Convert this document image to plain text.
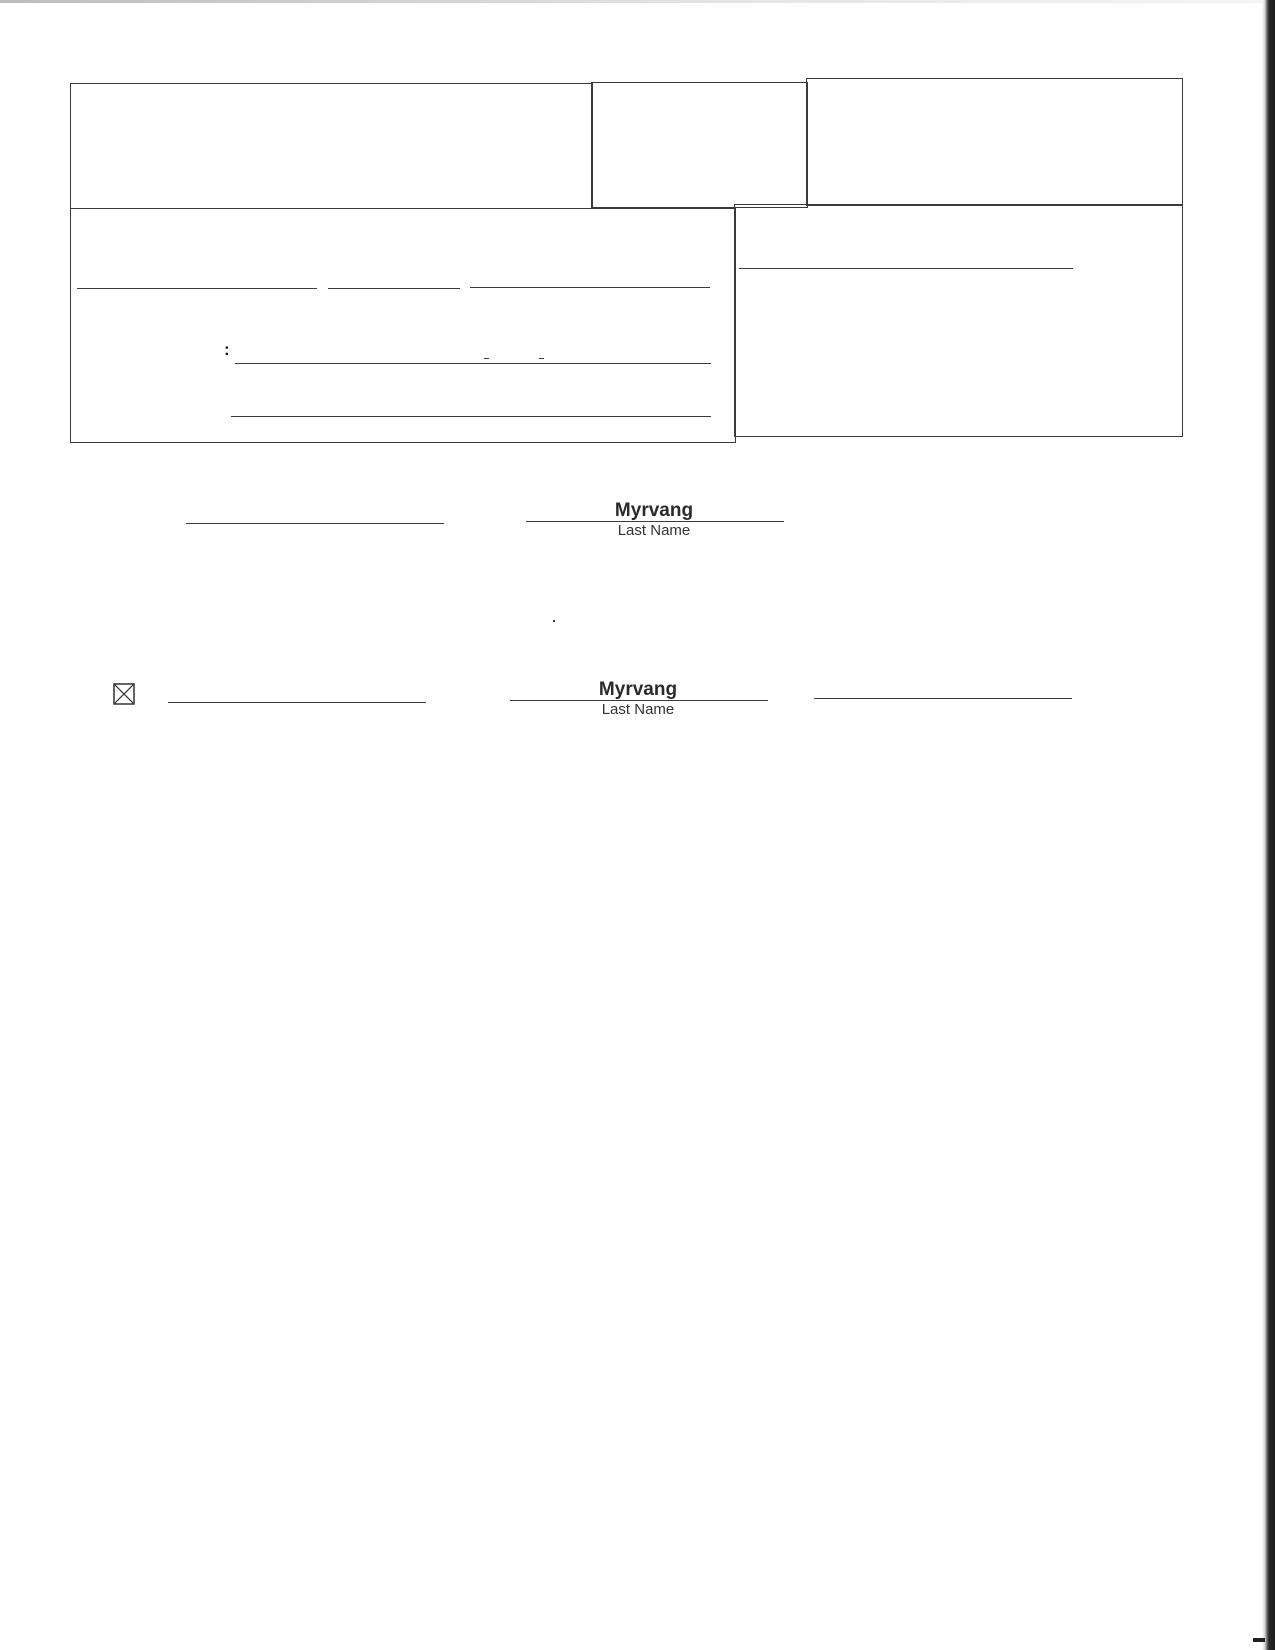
:
Myrvang
Last Name
Myrvang
Last Name
